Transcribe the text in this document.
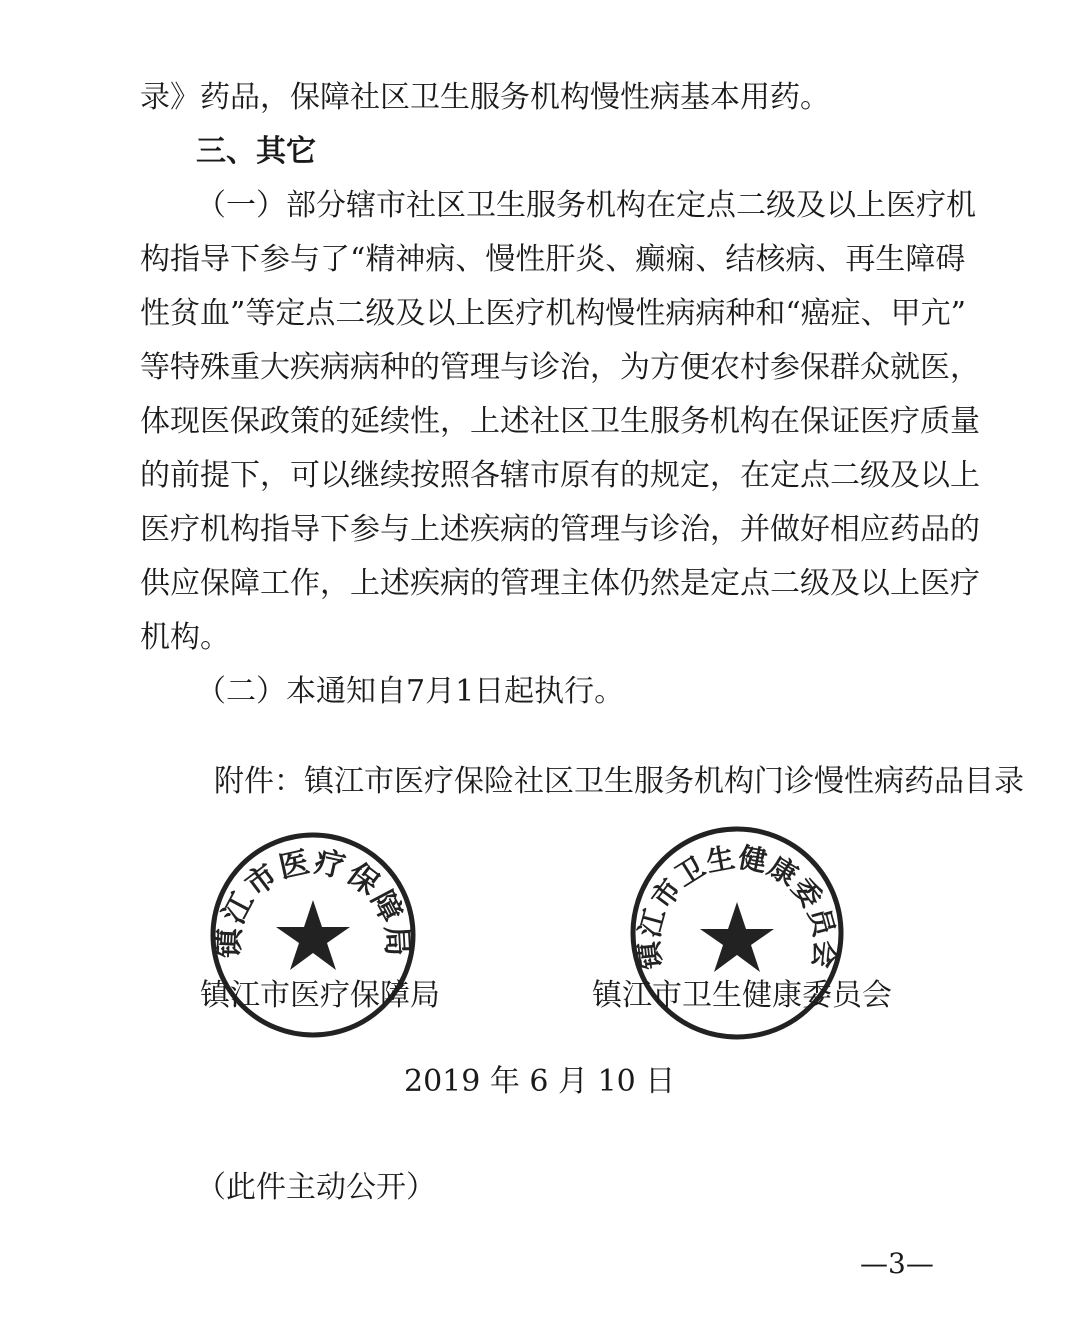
录》药品，保障社区卫生服务机构慢性病基本用药。
三、其它
（一）部分辖市社区卫生服务机构在定点二级及以上医疗机
构指导下参与了“精神病、慢性肝炎、癫痫、结核病、再生障碍
性贫血”等定点二级及以上医疗机构慢性病病种和“癌症、甲亢”
等特殊重大疾病病种的管理与诊治，为方便农村参保群众就医，
体现医保政策的延续性，上述社区卫生服务机构在保证医疗质量
的前提下，可以继续按照各辖市原有的规定，在定点二级及以上
医疗机构指导下参与上述疾病的管理与诊治，并做好相应药品的
供应保障工作，上述疾病的管理主体仍然是定点二级及以上医疗
机构。
（二）本通知自7月1日起执行。
附件：镇江市医疗保险社区卫生服务机构门诊慢性病药品目录
镇江市医疗保障局	镇江市卫生健康委员会
镇江市医疗保障局	镇江市卫生健康委员会
2019 年 6 月 10 日
（此件主动公开）
—3—
